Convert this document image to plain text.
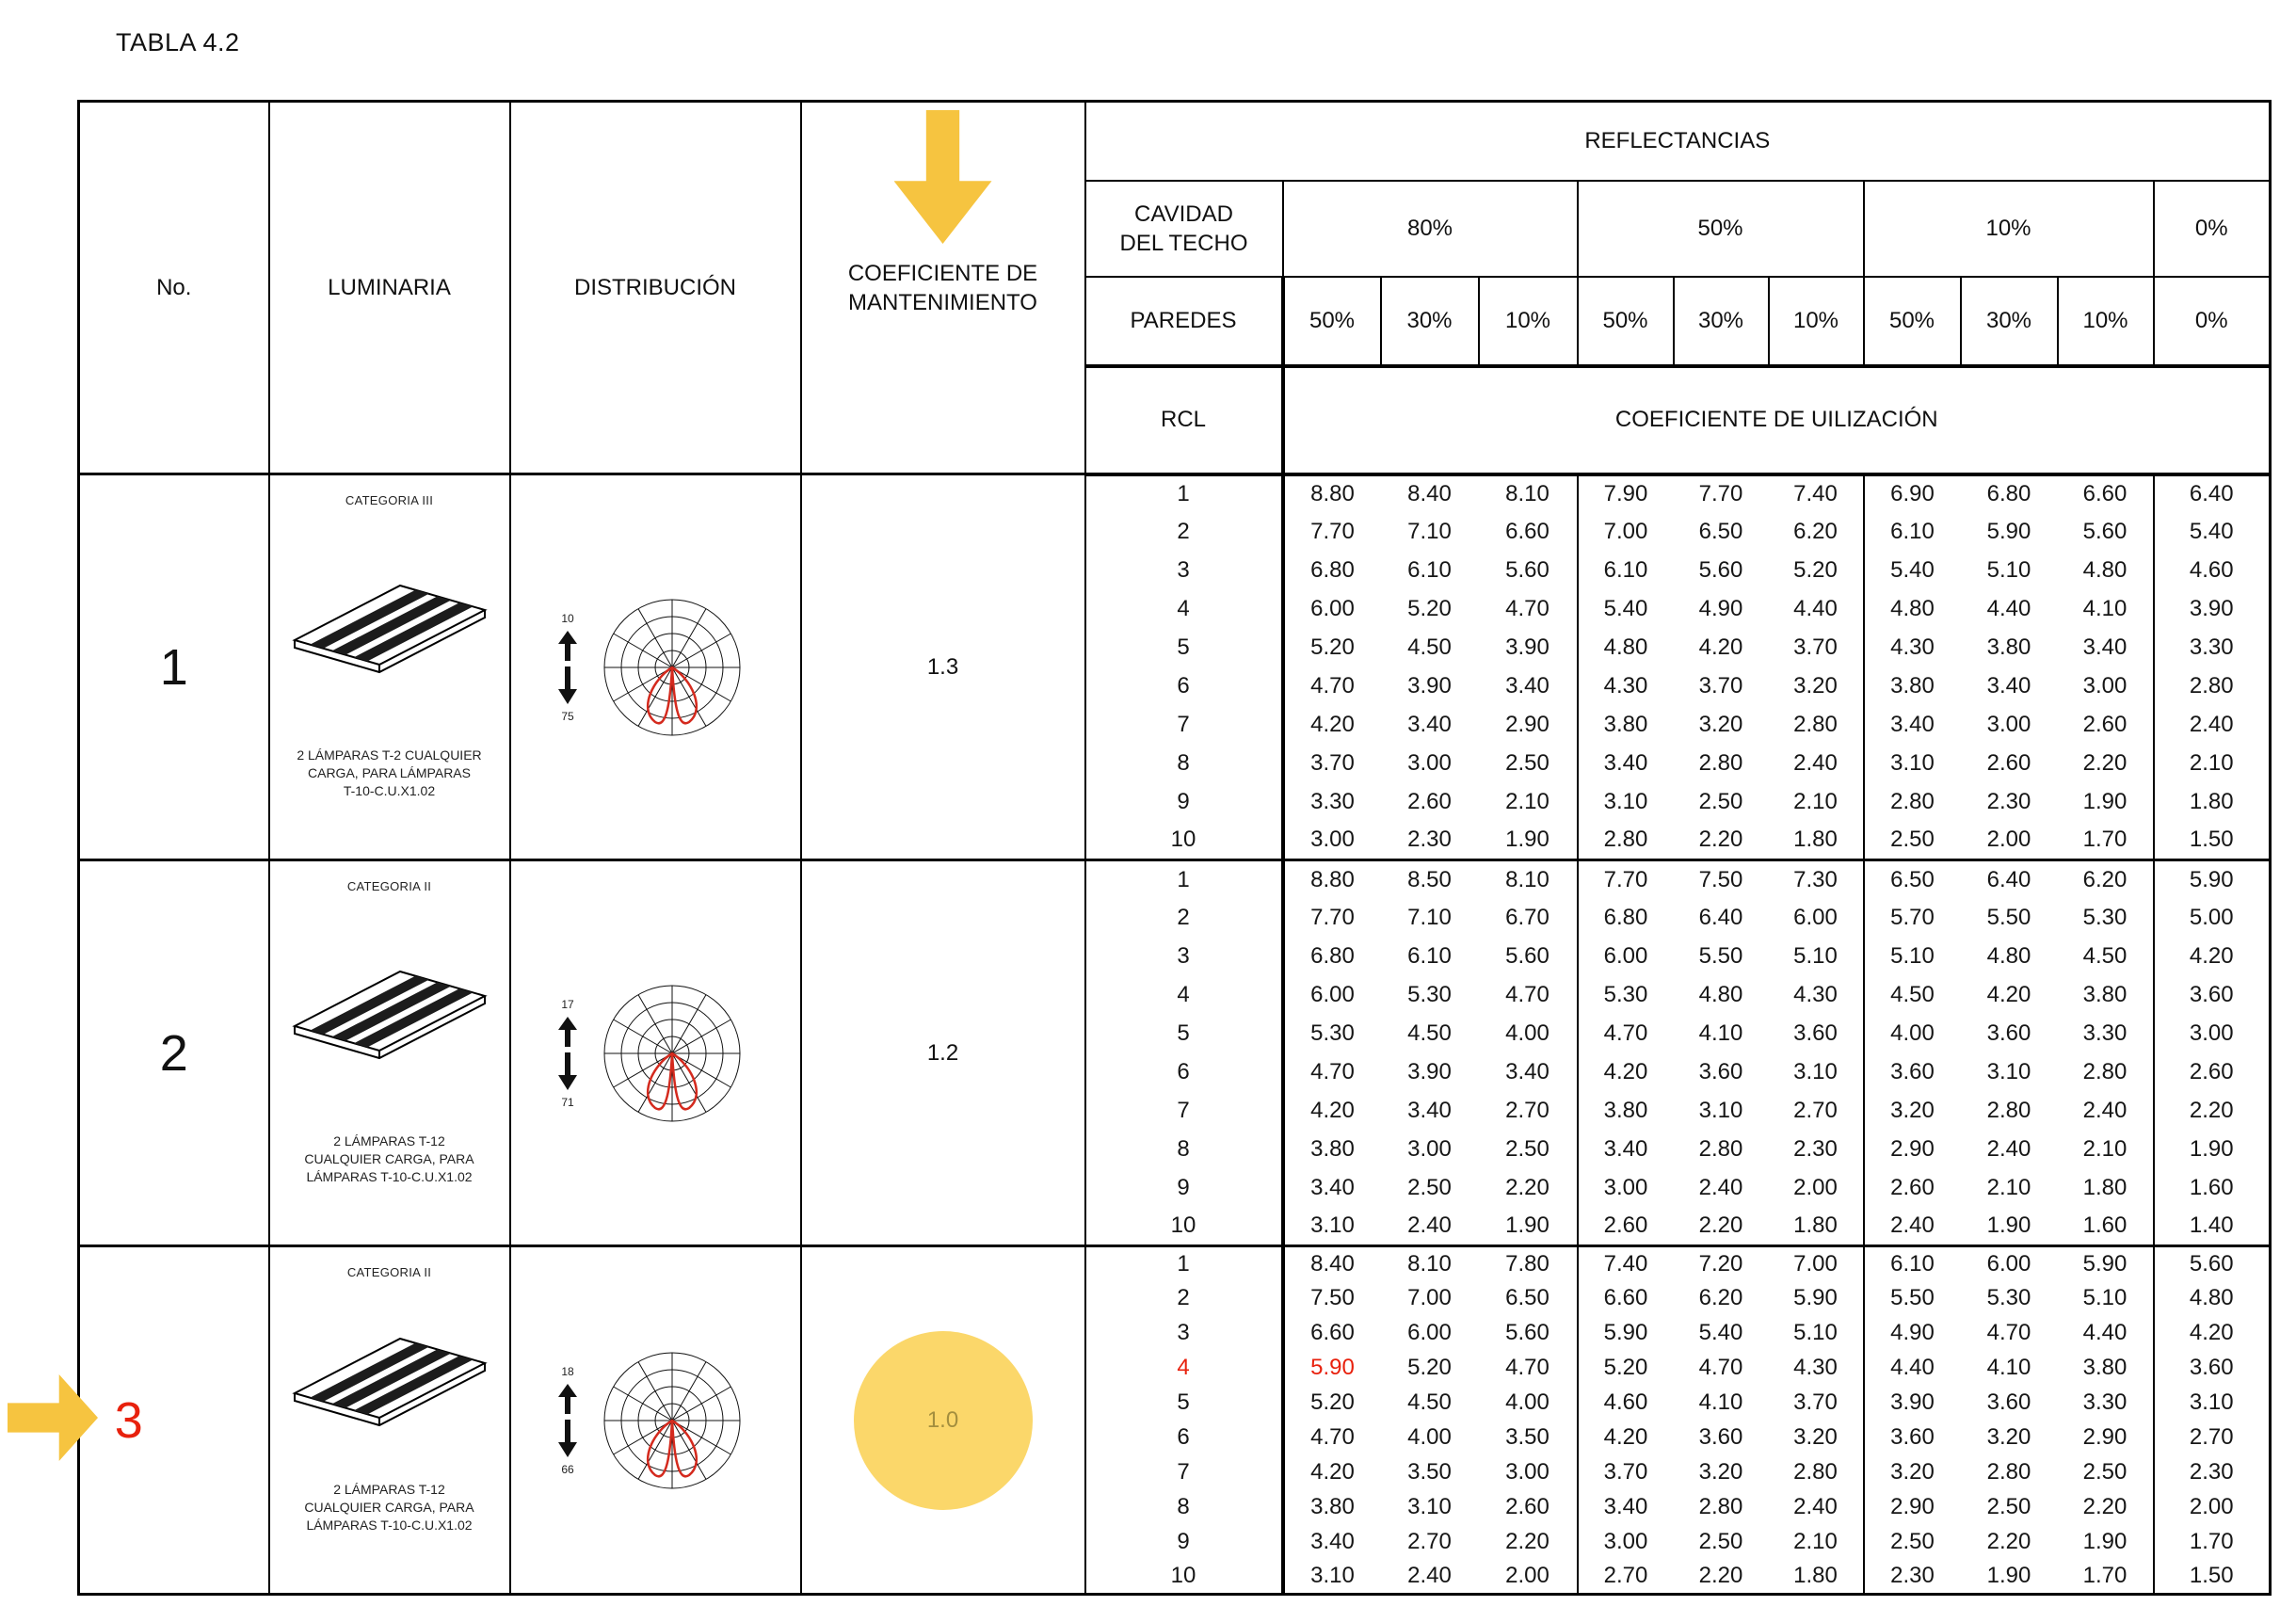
TABLA 4.2
No.	LUMINARIA	DISTRIBUCIÓN	COEFICIENTE DE
MANTENIMIENTO	REFLECTANCIAS										

				CAVIDAD
DEL TECHO	80%			50%			10%			0%
				PAREDES	50%	30%	10%	50%	30%	10%	50%	30%	10%	0%
				RCL	COEFICIENTE DE UILIZACIÓN									

1

CATEGORIA III
2 LÁMPARAS T-2 CUALQUIER
CARGA, PARA LÁMPARAS
T-10-C.U.X1.02

10
75

1.3
	1	8.80	8.40	8.10	7.90	7.70	7.40	6.90	6.80	6.60	6.40
				2	7.70	7.10	6.60	7.00	6.50	6.20	6.10	5.90	5.60	5.40
				3	6.80	6.10	5.60	6.10	5.60	5.20	5.40	5.10	4.80	4.60
				4	6.00	5.20	4.70	5.40	4.90	4.40	4.80	4.40	4.10	3.90
				5	5.20	4.50	3.90	4.80	4.20	3.70	4.30	3.80	3.40	3.30
				6	4.70	3.90	3.40	4.30	3.70	3.20	3.80	3.40	3.00	2.80
				7	4.20	3.40	2.90	3.80	3.20	2.80	3.40	3.00	2.60	2.40
				8	3.70	3.00	2.50	3.40	2.80	2.40	3.10	2.60	2.20	2.10
				9	3.30	2.60	2.10	3.10	2.50	2.10	2.80	2.30	1.90	1.80
				10	3.00	2.30	1.90	2.80	2.20	1.80	2.50	2.00	1.70	1.50

2

CATEGORIA II
2 LÁMPARAS T-12
CUALQUIER CARGA, PARA
LÁMPARAS T-10-C.U.X1.02

17
71

1.2
	1	8.80	8.50	8.10	7.70	7.50	7.30	6.50	6.40	6.20	5.90
				2	7.70	7.10	6.70	6.80	6.40	6.00	5.70	5.50	5.30	5.00
				3	6.80	6.10	5.60	6.00	5.50	5.10	5.10	4.80	4.50	4.20
				4	6.00	5.30	4.70	5.30	4.80	4.30	4.50	4.20	3.80	3.60
				5	5.30	4.50	4.00	4.70	4.10	3.60	4.00	3.60	3.30	3.00
				6	4.70	3.90	3.40	4.20	3.60	3.10	3.60	3.10	2.80	2.60
				7	4.20	3.40	2.70	3.80	3.10	2.70	3.20	2.80	2.40	2.20
				8	3.80	3.00	2.50	3.40	2.80	2.30	2.90	2.40	2.10	1.90
				9	3.40	2.50	2.20	3.00	2.40	2.00	2.60	2.10	1.80	1.60
				10	3.10	2.40	1.90	2.60	2.20	1.80	2.40	1.90	1.60	1.40

3

CATEGORIA II
2 LÁMPARAS T-12
CUALQUIER CARGA, PARA
LÁMPARAS T-10-C.U.X1.02

18
66

1.0
	1	8.40	8.10	7.80	7.40	7.20	7.00	6.10	6.00	5.90	5.60
				2	7.50	7.00	6.50	6.60	6.20	5.90	5.50	5.30	5.10	4.80
				3	6.60	6.00	5.60	5.90	5.40	5.10	4.90	4.70	4.40	4.20
				4	5.90	5.20	4.70	5.20	4.70	4.30	4.40	4.10	3.80	3.60
				5	5.20	4.50	4.00	4.60	4.10	3.70	3.90	3.60	3.30	3.10
				6	4.70	4.00	3.50	4.20	3.60	3.20	3.60	3.20	2.90	2.70
				7	4.20	3.50	3.00	3.70	3.20	2.80	3.20	2.80	2.50	2.30
				8	3.80	3.10	2.60	3.40	2.80	2.40	2.90	2.50	2.20	2.00
				9	3.40	2.70	2.20	3.00	2.50	2.10	2.50	2.20	1.90	1.70
				10	3.10	2.40	2.00	2.70	2.20	1.80	2.30	1.90	1.70	1.50
